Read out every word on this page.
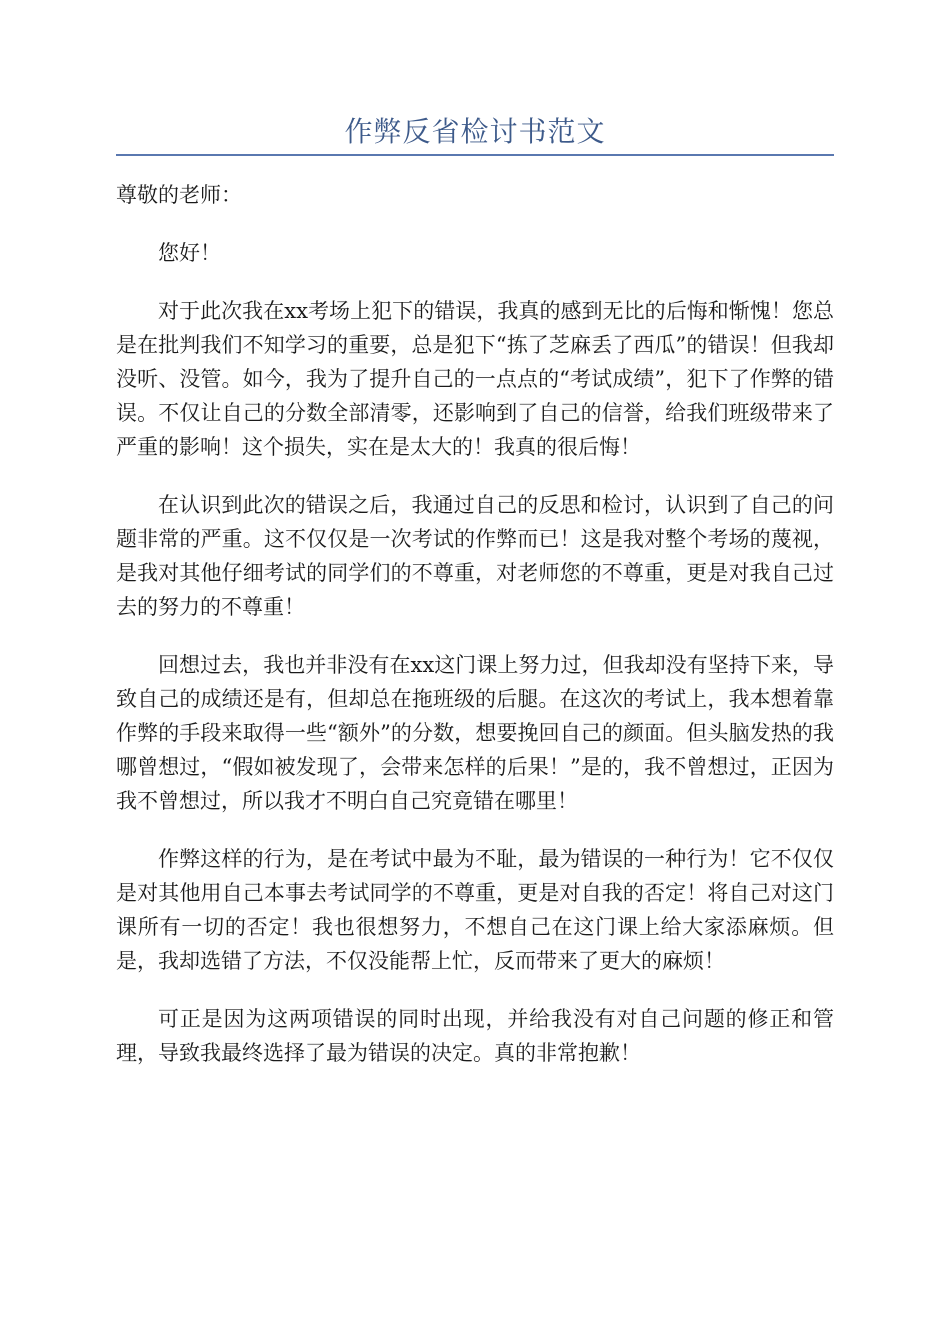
作弊反省检讨书范文

尊敬的老师：

您好！

对于此次我在xx考场上犯下的错误，我真的感到无比的后悔和惭愧！您总是在批判我们不知学习的重要，总是犯下“拣了芝麻丢了西瓜”的错误！但我却没听、没管。如今，我为了提升自己的一点点的“考试成绩”，犯下了作弊的错误。不仅让自己的分数全部清零，还影响到了自己的信誉，给我们班级带来了严重的影响！这个损失，实在是太大的！我真的很后悔！

在认识到此次的错误之后，我通过自己的反思和检讨，认识到了自己的问题非常的严重。这不仅仅是一次考试的作弊而已！这是我对整个考场的蔑视，是我对其他仔细考试的同学们的不尊重，对老师您的不尊重，更是对我自己过去的努力的不尊重！

回想过去，我也并非没有在xx这门课上努力过，但我却没有坚持下来，导致自己的成绩还是有，但却总在拖班级的后腿。在这次的考试上，我本想着靠作弊的手段来取得一些“额外”的分数，想要挽回自己的颜面。但头脑发热的我哪曾想过，“假如被发现了，会带来怎样的后果！”是的，我不曾想过，正因为我不曾想过，所以我才不明白自己究竟错在哪里！

作弊这样的行为，是在考试中最为不耻，最为错误的一种行为！它不仅仅是对其他用自己本事去考试同学的不尊重，更是对自我的否定！将自己对这门课所有一切的否定！我也很想努力，不想自己在这门课上给大家添麻烦。但是，我却选错了方法，不仅没能帮上忙，反而带来了更大的麻烦！

可正是因为这两项错误的同时出现，并给我没有对自己问题的修正和管理，导致我最终选择了最为错误的决定。真的非常抱歉！
